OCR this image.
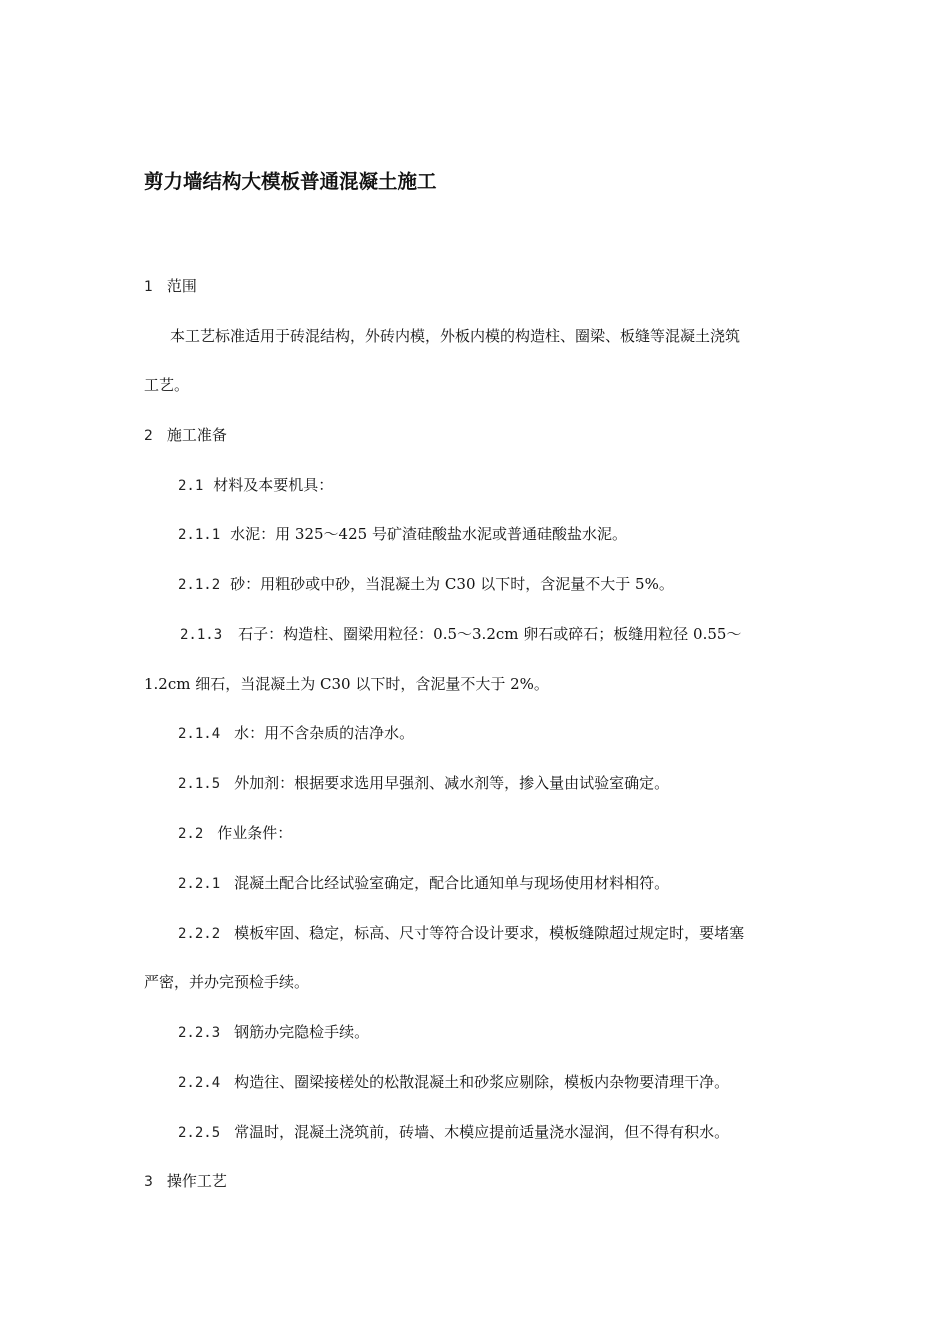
剪力墙结构大模板普通混凝土施工
1 范围
本工艺标准适用于砖混结构，外砖内模，外板内模的构造柱、圈梁、板缝等混凝土浇筑
工艺。
2 施工准备
2.1 材料及本要机具：
2.1.1 水泥：用 325～425 号矿渣硅酸盐水泥或普通硅酸盐水泥。
2.1.2 砂：用粗砂或中砂，当混凝土为 C30 以下时，含泥量不大于 5%。
2.1.3 石子：构造柱、圈梁用粒径：0.5～3.2cm 卵石或碎石；板缝用粒径 0.55～
1.2cm 细石，当混凝土为 C30 以下时，含泥量不大于 2%。
2.1.4 水：用不含杂质的洁净水。
2.1.5 外加剂：根据要求选用早强剂、减水剂等，掺入量由试验室确定。
2.2 作业条件：
2.2.1 混凝土配合比经试验室确定，配合比通知单与现场使用材料相符。
2.2.2 模板牢固、稳定，标高、尺寸等符合设计要求，模板缝隙超过规定时，要堵塞
严密，并办完预检手续。
2.2.3 钢筋办完隐检手续。
2.2.4 构造往、圈梁接槎处的松散混凝土和砂浆应剔除，模板内杂物要清理干净。
2.2.5 常温时，混凝土浇筑前，砖墙、木模应提前适量浇水湿润，但不得有积水。
3 操作工艺
